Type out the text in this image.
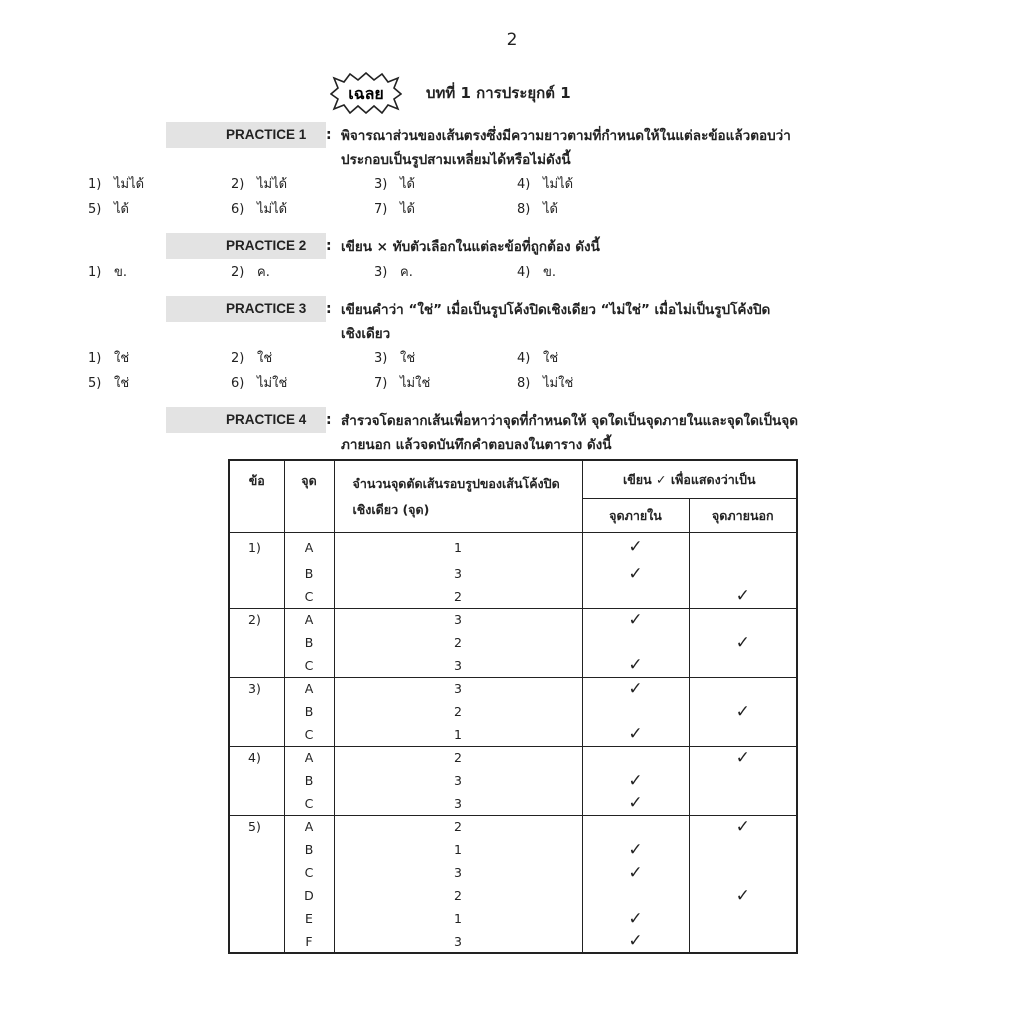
2
เฉลย	บทที่ 1 การประยุกต์ 1
PRACTICE 1	: พิจารณาส่วนของเส้นตรงซึ่งมีความยาวตามที่กำหนดให้ในแต่ละข้อแล้วตอบว่าประกอบเป็นรูปสามเหลี่ยมได้หรือไม่ดังนี้
1) ไม่ได้	2) ไม่ได้	3) ได้	4) ไม่ได้
5) ได้	6) ไม่ได้	7) ได้	8) ได้
PRACTICE 2	: เขียน × ทับตัวเลือกในแต่ละข้อที่ถูกต้อง ดังนี้
1) ข.	2) ค.	3) ค.	4) ข.
PRACTICE 3	: เขียนคำว่า “ใช่” เมื่อเป็นรูปโค้งปิดเชิงเดียว “ไม่ใช่” เมื่อไม่เป็นรูปโค้งปิดเชิงเดียว
1) ใช่	2) ใช่	3) ใช่	4) ใช่
5) ใช่	6) ไม่ใช่	7) ไม่ใช่	8) ไม่ใช่
PRACTICE 4	: สำรวจโดยลากเส้นเพื่อหาว่าจุดที่กำหนดให้ จุดใดเป็นจุดภายในและจุดใดเป็นจุดภายนอก แล้วจดบันทึกคำตอบลงในตาราง ดังนี้
ข้อ	จุด	จำนวนจุดตัดเส้นรอบรูปของเส้นโค้งปิดเชิงเดียว (จุด)	เขียน ✓ เพื่อแสดงว่าเป็น	
			จุดภายใน	จุดภายนอก
1)	A	1	✓	
	B	3	✓	
	C	2		✓
2)	A	3	✓	
	B	2		✓
	C	3	✓	
3)	A	3	✓	
	B	2		✓
	C	1	✓	
4)	A	2		✓
	B	3	✓	
	C	3	✓	
5)	A	2		✓
	B	1	✓	
	C	3	✓	
	D	2		✓
	E	1	✓	
	F	3	✓	
